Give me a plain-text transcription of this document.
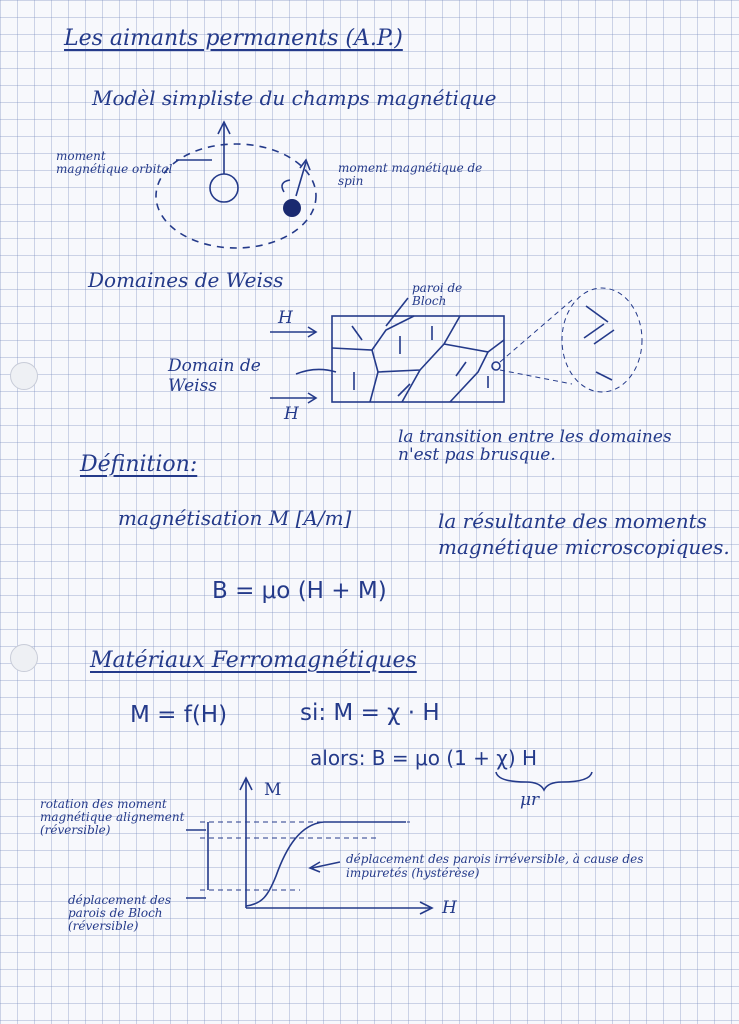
Les aimants permanents (A.P.)
Modèl simpliste du champs magnétique
moment magnétique orbital	moment magnétique de spin
Domaines de Weiss
H
H
Domain de Weiss
paroi de Bloch
la transition entre les domaines n'est pas brusque.
Définition:
magnétisation M [A/m]	la résultante des moments magnétique microscopiques.
B = μo (H + M)
Matériaux Ferromagnétiques
M = f(H)	si: M = χ · H
alors: B = μo (1 + χ) H
μr
M
H
rotation des moment magnétique alignement (réversible)
déplacement des parois de Bloch (réversible)
déplacement des parois irréversible, à cause des impuretés (hystérèse)
